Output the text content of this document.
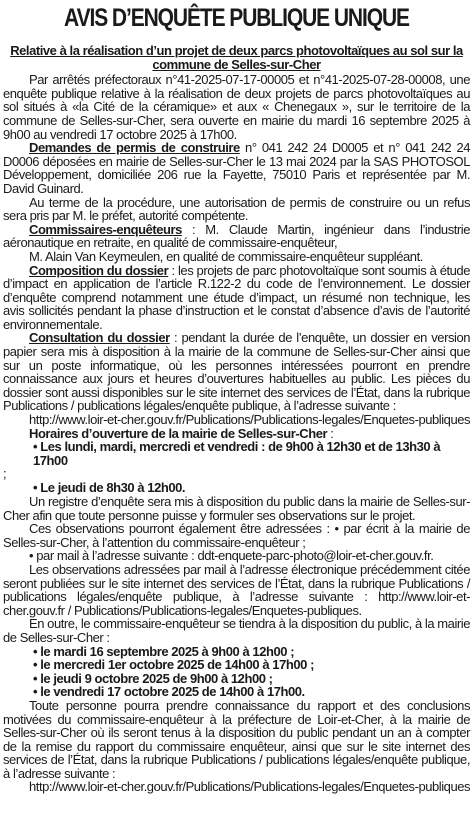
AVIS D’ENQUÊTE PUBLIQUE UNIQUE

Relative à la réalisation d’un projet de deux parcs photovoltaïques au sol sur la commune de Selles-sur-Cher

Par arrêtés préfectoraux n°41-2025-07-17-00005 et n°41-2025-07-28-00008, une enquête publique relative à la réalisation de deux projets de parcs photovoltaïques au sol situés à «la Cité de la céramique» et aux « Chenegaux », sur le territoire de la commune de Selles-sur-Cher, sera ouverte en mairie du mardi 16 septembre 2025 à 9h00 au vendredi 17 octobre 2025 à 17h00.

Demandes de permis de construire n° 041 242 24 D0005 et n° 041 242 24 D0006 déposées en mairie de Selles-sur-Cher le 13 mai 2024 par la SAS PHOTOSOL Développement, domiciliée 206 rue la Fayette, 75010 Paris et représentée par M. David Guinard.

Au terme de la procédure, une autorisation de permis de construire ou un refus sera pris par M. le préfet, autorité compétente.

Commissaires-enquêteurs : M. Claude Martin, ingénieur dans l’industrie aéronautique en retraite, en qualité de commissaire-enquêteur,

M. Alain Van Keymeulen, en qualité de commissaire-enquêteur suppléant.

Composition du dossier : les projets de parc photovoltaïque sont soumis à étude d’impact en application de l’article R.122-2 du code de l’environnement. Le dossier d’enquête comprend notamment une étude d’impact, un résumé non technique, les avis sollicités pendant la phase d’instruction et le constat d’absence d’avis de l’autorité environnementale.

Consultation du dossier : pendant la durée de l’enquête, un dossier en version papier sera mis à disposition à la mairie de la commune de Selles-sur-Cher ainsi que sur un poste informatique, où les personnes intéressées pourront en prendre connaissance aux jours et heures d’ouvertures habituelles au public. Les pièces du dossier sont aussi disponibles sur le site internet des services de l’État, dans la rubrique Publications / publications légales/enquête publique, à l’adresse suivante :

http://www.loir-et-cher.gouv.fr/Publications/Publications-legales/Enquetes-publiques

Horaires d’ouverture de la mairie de Selles-sur-Cher :

• Les lundi, mardi, mercredi et vendredi : de 9h00 à 12h30 et de 13h30 à 17h00

;

• Le jeudi de 8h30 à 12h00.

Un registre d’enquête sera mis à disposition du public dans la mairie de Selles-sur-Cher afin que toute personne puisse y formuler ses observations sur le projet.

Ces observations pourront également être adressées : • par écrit à la mairie de Selles-sur-Cher, à l’attention du commissaire-enquêteur ;

• par mail à l’adresse suivante : ddt-enquete-parc-photo@loir-et-cher.gouv.fr.

Les observations adressées par mail à l’adresse électronique précédemment citée seront publiées sur le site internet des services de l’État, dans la rubrique Publications / publications légales/enquête publique, à l’adresse suivante : http://www.loir-et-cher.gouv.fr / Publications/Publications-legales/Enquetes-publiques.

En outre, le commissaire-enquêteur se tiendra à la disposition du public, à la mairie de Selles-sur-Cher :

• le mardi 16 septembre 2025 à 9h00 à 12h00 ;

• le mercredi 1er octobre 2025 de 14h00 à 17h00 ;

• le jeudi 9 octobre 2025 de 9h00 à 12h00 ;

• le vendredi 17 octobre 2025 de 14h00 à 17h00.

Toute personne pourra prendre connaissance du rapport et des conclusions motivées du commissaire-enquêteur à la préfecture de Loir-et-Cher, à la mairie de Selles-sur-Cher où ils seront tenus à la disposition du public pendant un an à compter de la remise du rapport du commissaire enquêteur, ainsi que sur le site internet des services de l’État, dans la rubrique Publications / publications légales/enquête publique, à l’adresse suivante :

http://www.loir-et-cher.gouv.fr/Publications/Publications-legales/Enquetes-publiques
